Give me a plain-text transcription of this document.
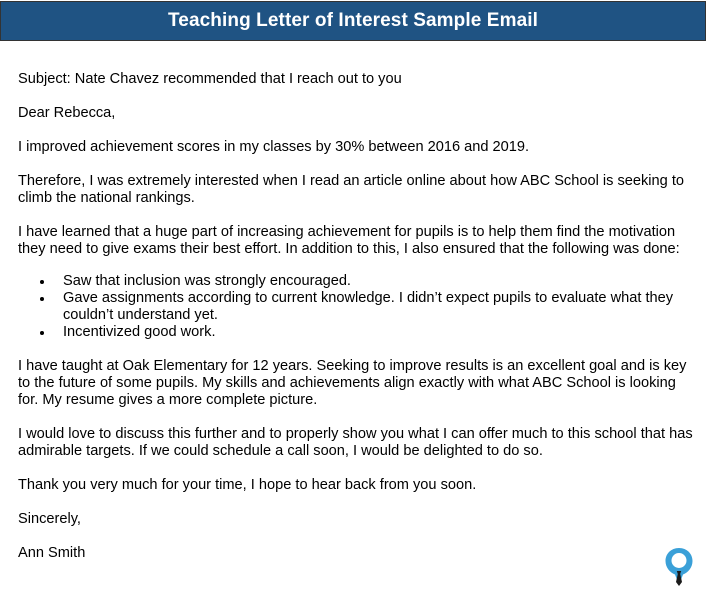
Teaching Letter of Interest Sample Email

Subject: Nate Chavez recommended that I reach out to you

Dear Rebecca,

I improved achievement scores in my classes by 30% between 2016 and 2019.

Therefore, I was extremely interested when I read an article online about how ABC School is seeking to climb the national rankings.

I have learned that a huge part of increasing achievement for pupils is to help them find the motivation they need to give exams their best effort. In addition to this, I also ensured that the following was done:

Saw that inclusion was strongly encouraged.
Gave assignments according to current knowledge. I didn’t expect pupils to evaluate what they couldn’t understand yet.
Incentivized good work.

I have taught at Oak Elementary for 12 years. Seeking to improve results is an excellent goal and is key to the future of some pupils. My skills and achievements align exactly with what ABC School is looking for. My resume gives a more complete picture.

I would love to discuss this further and to properly show you what I can offer much to this school that has admirable targets. If we could schedule a call soon, I would be delighted to do so.

Thank you very much for your time, I hope to hear back from you soon.

Sincerely,

Ann Smith
